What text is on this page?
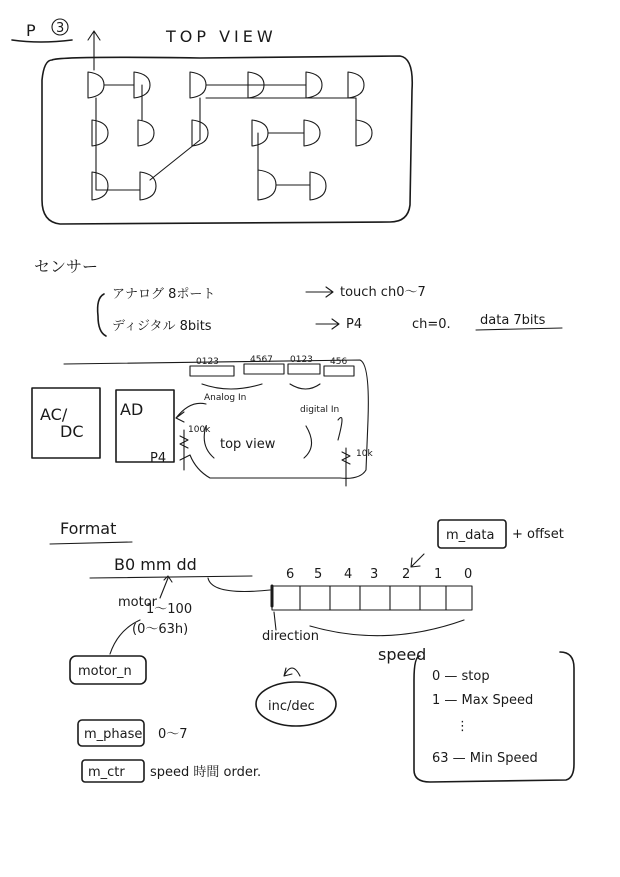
P 3	TOP VIEW
センサー
アナログ 8ポート	touch ch0〜7
ディジタル 8bits	P4	ch=0. data 7bits
AC/
DC
AD
P4
0123	4567 0123 456
Analog In
digital In
100k
10k
top view
Format
B0 mm dd
motor
1〜100
(0〜63h)
6 5 4 3 2 1 0
direction
speed
inc/dec
m_data + offset
motor_n
m_phase 0〜7
m_ctr speed 時間 order.
0 — stop
1 — Max Speed
⋮
63 — Min Speed
